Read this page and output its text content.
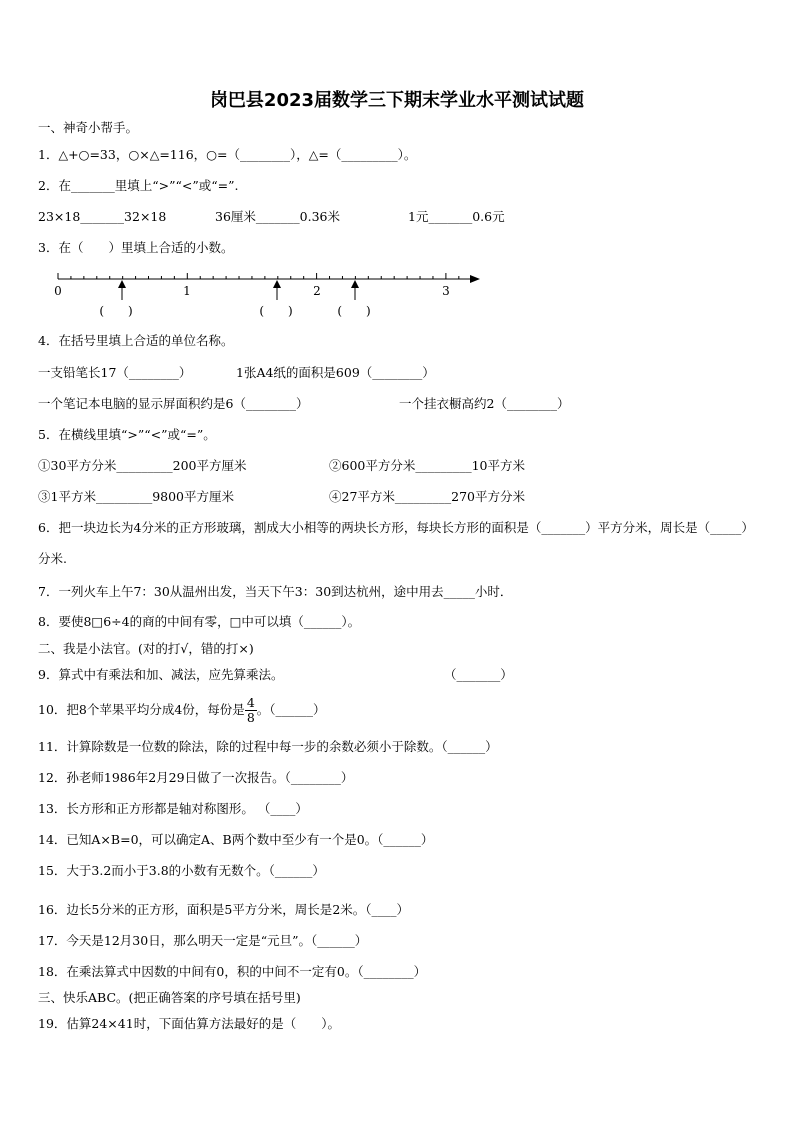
岗巴县2023届数学三下期末学业水平测试试题
一、神奇小帮手。
1．△+○=33，○×△=116，○=（________），△=（_________）。
2．在_______里填上“>”“<”或“=”.
23×18_______32×18	36厘米_______0.36米	1元_______0.6元
3．在（　　）里填上合适的小数。
0	1	2	3
(　　)	(　　)	(　　)
4．在括号里填上合适的单位名称。
一支铅笔长17（________）	1张A4纸的面积是609（________）
一个笔记本电脑的显示屏面积约是6（________）	一个挂衣橱高约2（________）
5．在横线里填“>”“<”或“=”。
①30平方分米_________200平方厘米	②600平方分米_________10平方米
③1平方米_________9800平方厘米	④27平方米_________270平方分米
6．把一块边长为4分米的正方形玻璃，割成大小相等的两块长方形，每块长方形的面积是（_______）平方分米，周长是（_____）分米.
7．一列火车上午7：30从温州出发，当天下午3：30到达杭州，途中用去_____小时．
8．要使8□6÷4的商的中间有零，□中可以填（______）。
二、我是小法官。(对的打√，错的打×)
9．算式中有乘法和加、减法，应先算乘法。	（_______）
10．把8个苹果平均分成4份，每份是 $\frac{4}{8}$ 。（______）
11．计算除数是一位数的除法，除的过程中每一步的余数必须小于除数。（______）
12．孙老师1986年2月29日做了一次报告。（________）
13．长方形和正方形都是轴对称图形。 （____）
14．已知A×B=0，可以确定A、B两个数中至少有一个是0。（______）
15．大于3.2而小于3.8的小数有无数个。（______）
16．边长5分米的正方形，面积是5平方分米，周长是2米。（____）
17．今天是12月30日，那么明天一定是“元旦”。（______）
18．在乘法算式中因数的中间有0，积的中间不一定有0。（________）
三、快乐ABC。(把正确答案的序号填在括号里)
19．估算24×41时，下面估算方法最好的是（　　）。
